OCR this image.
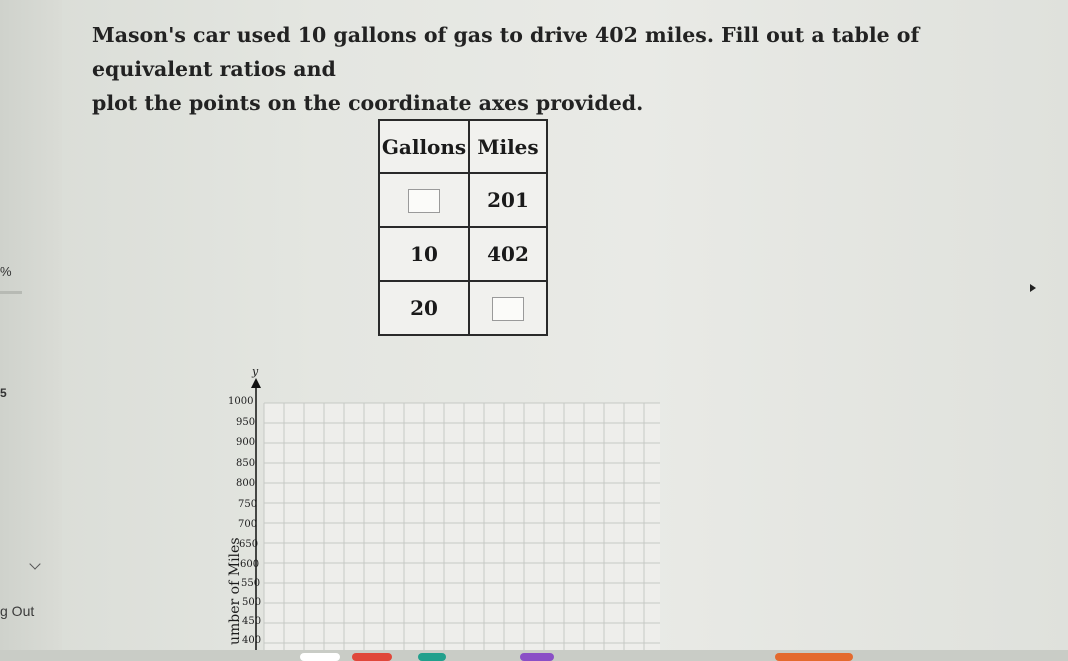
%
5
g Out
Mason's car used 10 gallons of gas to drive 402 miles. Fill out a table of equivalent ratios and
plot the points on the coordinate axes provided.
Gallons	Miles
	201
10	402
20	
y
1000
950
900
850
800
750
700
650
600
550
500
450
400
umber of Miles
